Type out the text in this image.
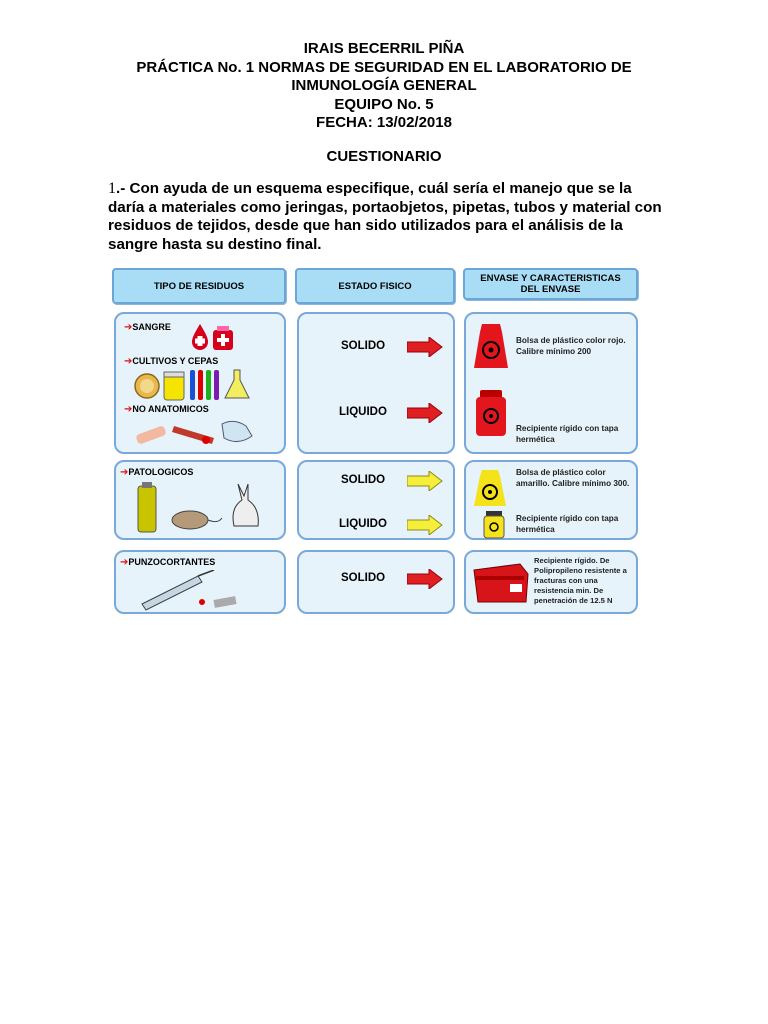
IRAIS BECERRIL PIÑA
PRÁCTICA No. 1 NORMAS DE SEGURIDAD EN EL LABORATORIO DE
INMUNOLOGÍA GENERAL
EQUIPO No. 5
FECHA: 13/02/2018
CUESTIONARIO
1.- Con ayuda de un esquema especifique, cuál sería el manejo que se la daría a materiales como jeringas, portaobjetos, pipetas, tubos y material con residuos de tejidos, desde que han sido utilizados para el análisis de la sangre hasta su destino final.
TIPO DE RESIDUOS	ESTADO FISICO
ENVASE Y CARACTERISTICAS DEL ENVASE
➔SANGRE
➔CULTIVOS Y CEPAS
➔NO ANATOMICOS
SOLIDO
LIQUIDO
Bolsa de plástico color rojo. Calibre mínimo 200
Recipiente rígido con tapa hermética
➔PATOLOGICOS
SOLIDO
LIQUIDO
Bolsa de plástico color amarillo. Calibre mínimo 300.
Recipiente rígido con tapa hermética
➔PUNZOCORTANTES
SOLIDO
Recipiente rígido. De Polipropileno resistente a fracturas con una resistencia min. De penetración de 12.5 N
